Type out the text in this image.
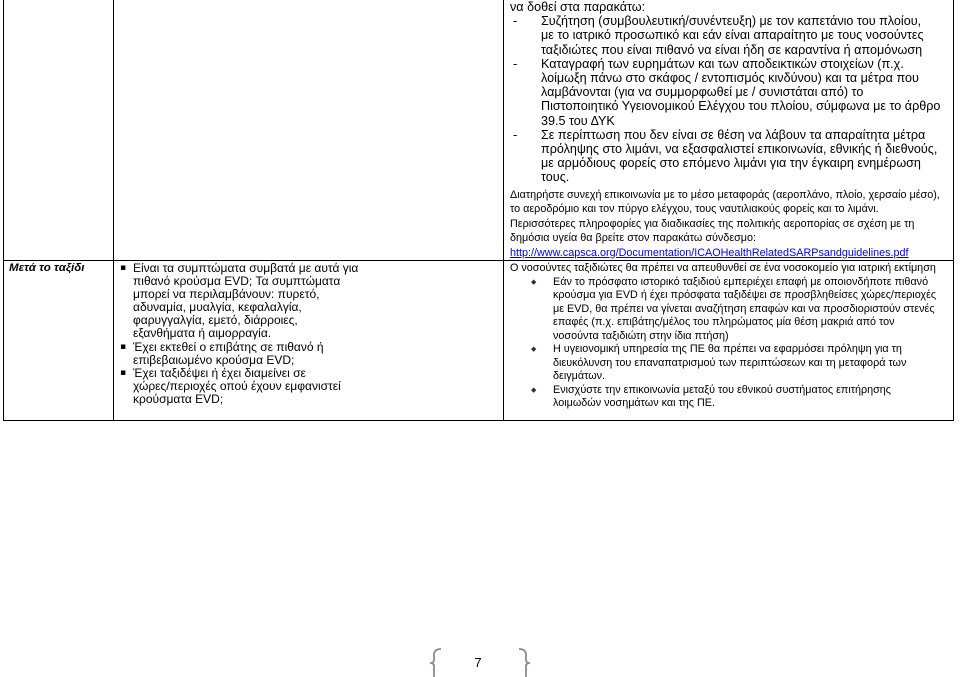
να δοθεί στα παρακάτω:
- Συζήτηση (συμβουλευτική/συνέντευξη) με τον καπετάνιο του πλοίου,
με το ιατρικό προσωπικό και εάν είναι απαραίτητο με τους νοσούντες
ταξιδιώτες που είναι πιθανό να είναι ήδη σε καραντίνα ή απομόνωση
- Καταγραφή των ευρημάτων και των αποδεικτικών στοιχείων (π.χ.
λοίμωξη πάνω στο σκάφος / εντοπισμός κινδύνου) και τα μέτρα που
λαμβάνονται (για να συμμορφωθεί με / συνιστάται από) το
Πιστοποιητικό Υγειονομικού Ελέγχου του πλοίου, σύμφωνα με το άρθρο
39.5 του ΔΥΚ
- Σε περίπτωση που δεν είναι σε θέση να λάβουν τα απαραίτητα μέτρα
πρόληψης στο λιμάνι, να εξασφαλιστεί επικοινωνία, εθνικής ή διεθνούς,
με αρμόδιους φορείς στο επόμενο λιμάνι για την έγκαιρη ενημέρωση
τους.
Διατηρήστε συνεχή επικοινωνία με το μέσο μεταφοράς (αεροπλάνο, πλοίο, χερσαίο μέσο),
το αεροδρόμιο και τον πύργο ελέγχου, τους ναυτιλιακούς φορείς και το λιμάνι.
Περισσότερες πληροφορίες για διαδικασίες της πολιτικής αεροπορίας σε σχέση με τη
δημόσια υγεία θα βρείτε στον παρακάτω σύνδεσμο:
http://www.capsca.org/Documentation/ICAOHealthRelatedSARPsandguidelines.pdf
Μετά το ταξίδι	▪ Είναι τα συμπτώματα συμβατά με αυτά για
πιθανό κρούσμα EVD; Τα συμπτώματα
μπορεί να περιλαμβάνουν: πυρετό,
αδυναμία, μυαλγία, κεφαλαλγία,
φαρυγγαλγία, εμετό, διάρροιες,
εξανθήματα ή αιμορραγία.
▪ Έχει εκτεθεί ο επιβάτης σε πιθανό ή
επιβεβαιωμένο κρούσμα EVD;
▪ Έχει ταξιδέψει ή έχει διαμείνει σε
χώρες/περιοχές οπού έχουν εμφανιστεί
κρούσματα EVD;
Ο νοσούντες ταξιδιώτες θα πρέπει να απευθυνθεί σε ένα νοσοκομείο για ιατρική εκτίμηση
◆ Εάν το πρόσφατο ιστορικό ταξιδιού εμπεριέχει επαφή με οποιονδήποτε πιθανό
κρούσμα για EVD ή έχει πρόσφατα ταξιδέψει σε προσβληθείσες χώρες/περιοχές
με EVD, θα πρέπει να γίνεται αναζήτηση επαφών και να προσδιοριστούν στενές
επαφές (π.χ. επιβάτης/μέλος του πληρώματος μία θέση μακριά από τον
νοσούντα ταξιδιώτη στην ίδια πτήση)
◆ Η υγειονομική υπηρεσία της ΠΕ θα πρέπει να εφαρμόσει πρόληψη για τη
διευκόλυνση του επαναπατρισμού των περιπτώσεων και τη μεταφορά των
δειγμάτων.
◆ Ενισχύστε την επικοινωνία μεταξύ του εθνικού συστήματος επιτήρησης
λοιμωδών νοσημάτων και της ΠΕ.
7
